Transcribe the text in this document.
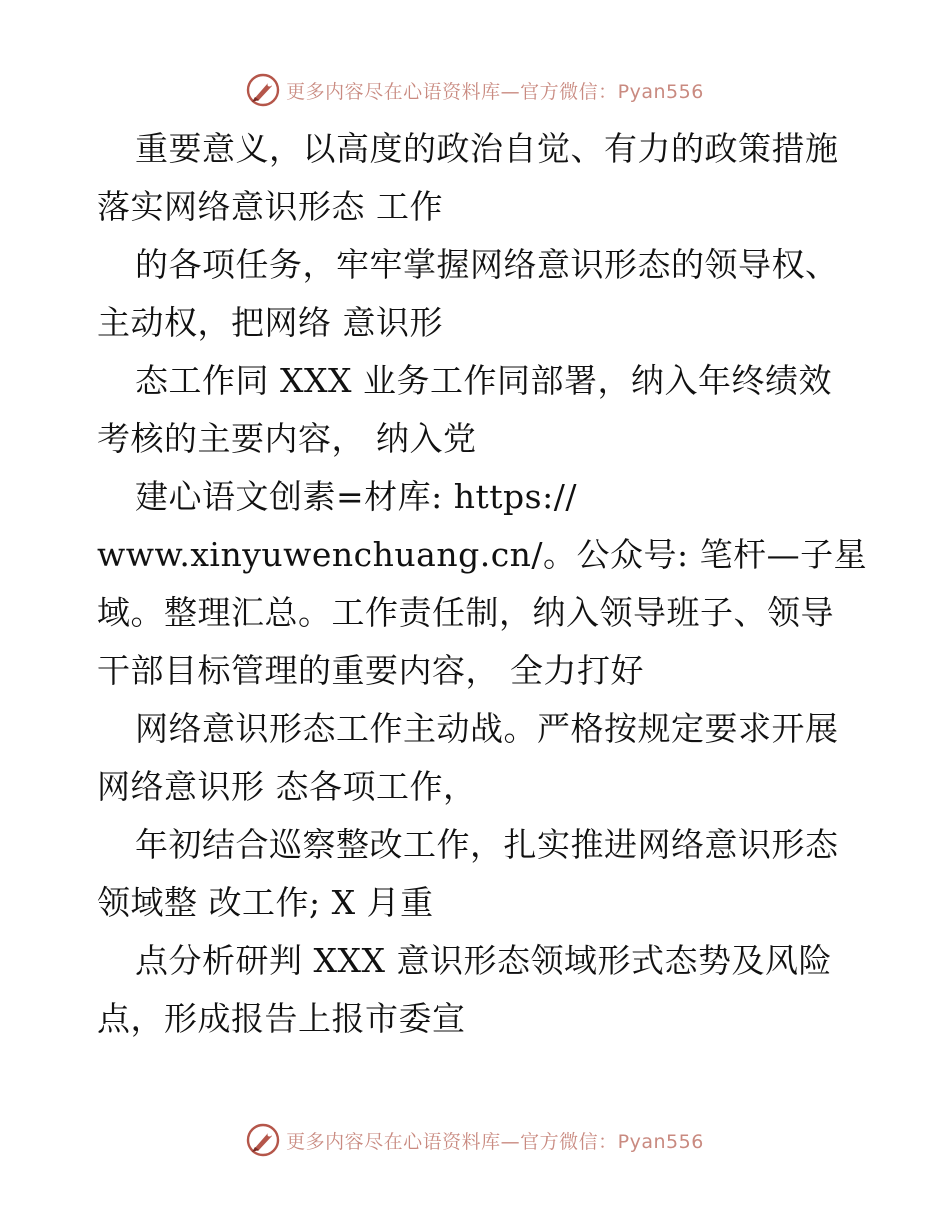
更多内容尽在心语资料库—官方微信：Pyan556
重要意义，以高度的政治自觉、有力的政策措施
落实网络意识形态 工作
的各项任务，牢牢掌握网络意识形态的领导权、
主动权，把网络 意识形
态工作同 XXX 业务工作同部署，纳入年终绩效
考核的主要内容， 纳入党
建心语文创素=材库: https://
www.xinyuwenchuang.cn/。公众号: 笔杆—子星
域。整理汇总。工作责任制，纳入领导班子、领导
干部目标管理的重要内容， 全力打好
网络意识形态工作主动战。严格按规定要求开展
网络意识形 态各项工作，
年初结合巡察整改工作，扎实推进网络意识形态
领域整 改工作; X 月重
点分析研判 XXX 意识形态领域形式态势及风险
点，形成报告上报市委宣
更多内容尽在心语资料库—官方微信：Pyan556
